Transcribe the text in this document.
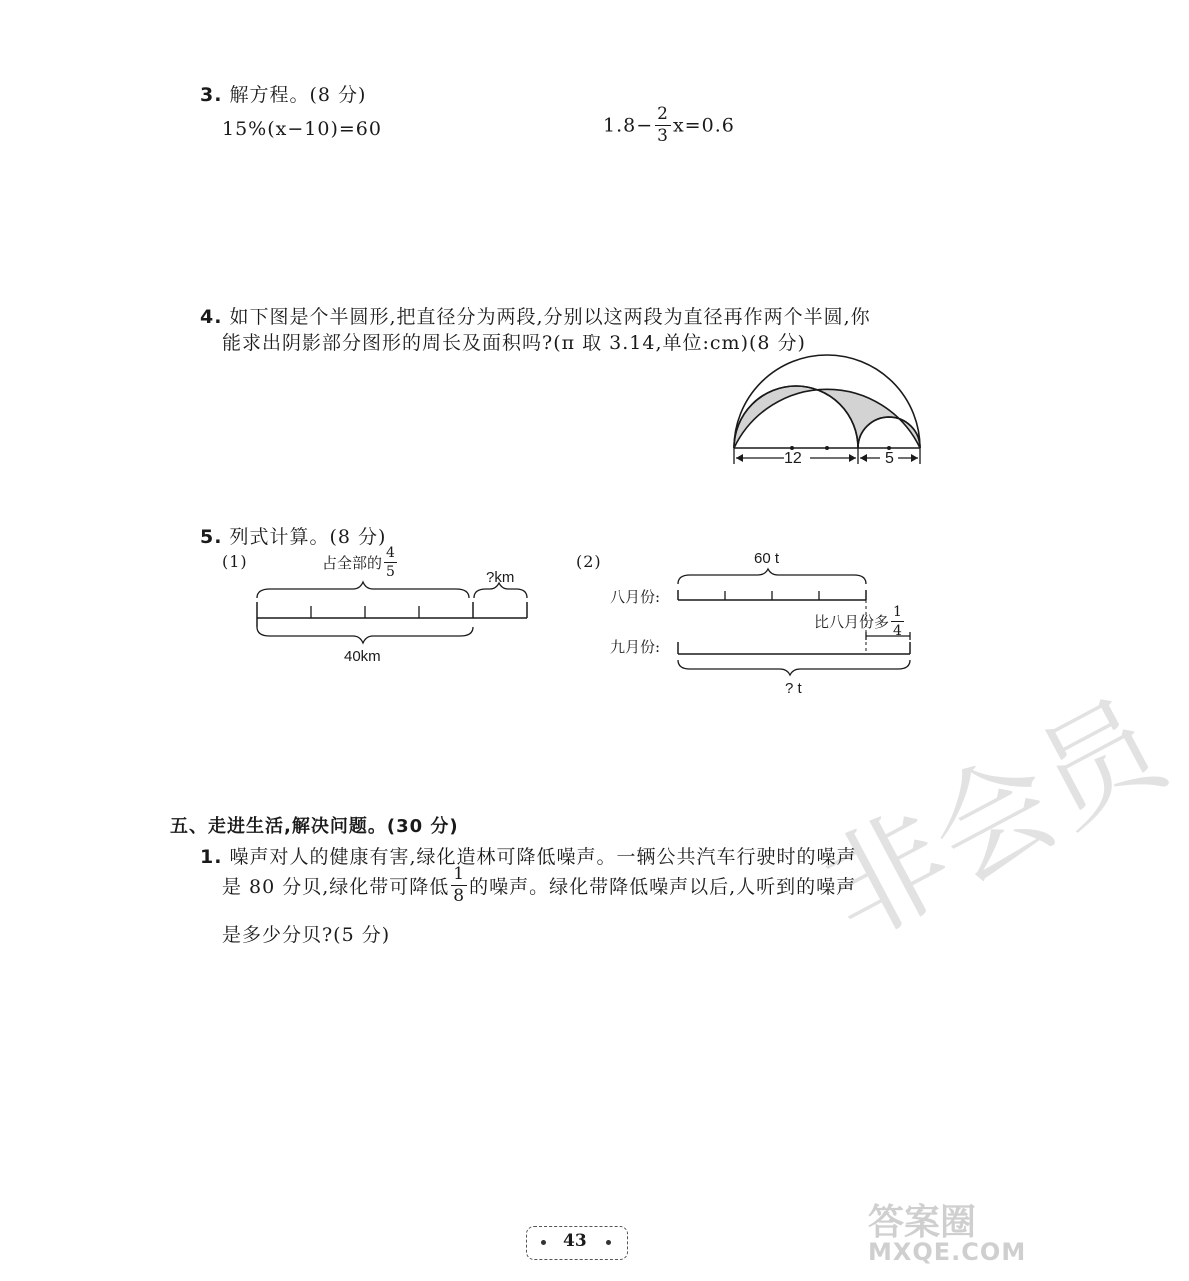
非会员
3. 解方程。(8 分)
15%(x−10)=60	$1.8- \frac{2}{3} x=0.6$
4. 如下图是个半圆形,把直径分为两段,分别以这两段为直径再作两个半圆,你
能求出阴影部分图形的周长及面积吗?(π 取 3.14,单位:cm)(8 分)
12	5
5. 列式计算。(8 分)
(1)	占全部的 $\frac{4}{5}$	?km
40km
(2)	60 t
八月份:
比八月份多 $\frac{1}{4}$
九月份:
? t
五、走进生活,解决问题。(30 分)
1. 噪声对人的健康有害,绿化造林可降低噪声。一辆公共汽车行驶时的噪声
是 80 分贝,绿化带可降低 $\frac{1}{8}$ 的噪声。绿化带降低噪声以后,人听到的噪声
是多少分贝?(5 分)
43	答案圈
MXQE.COM
